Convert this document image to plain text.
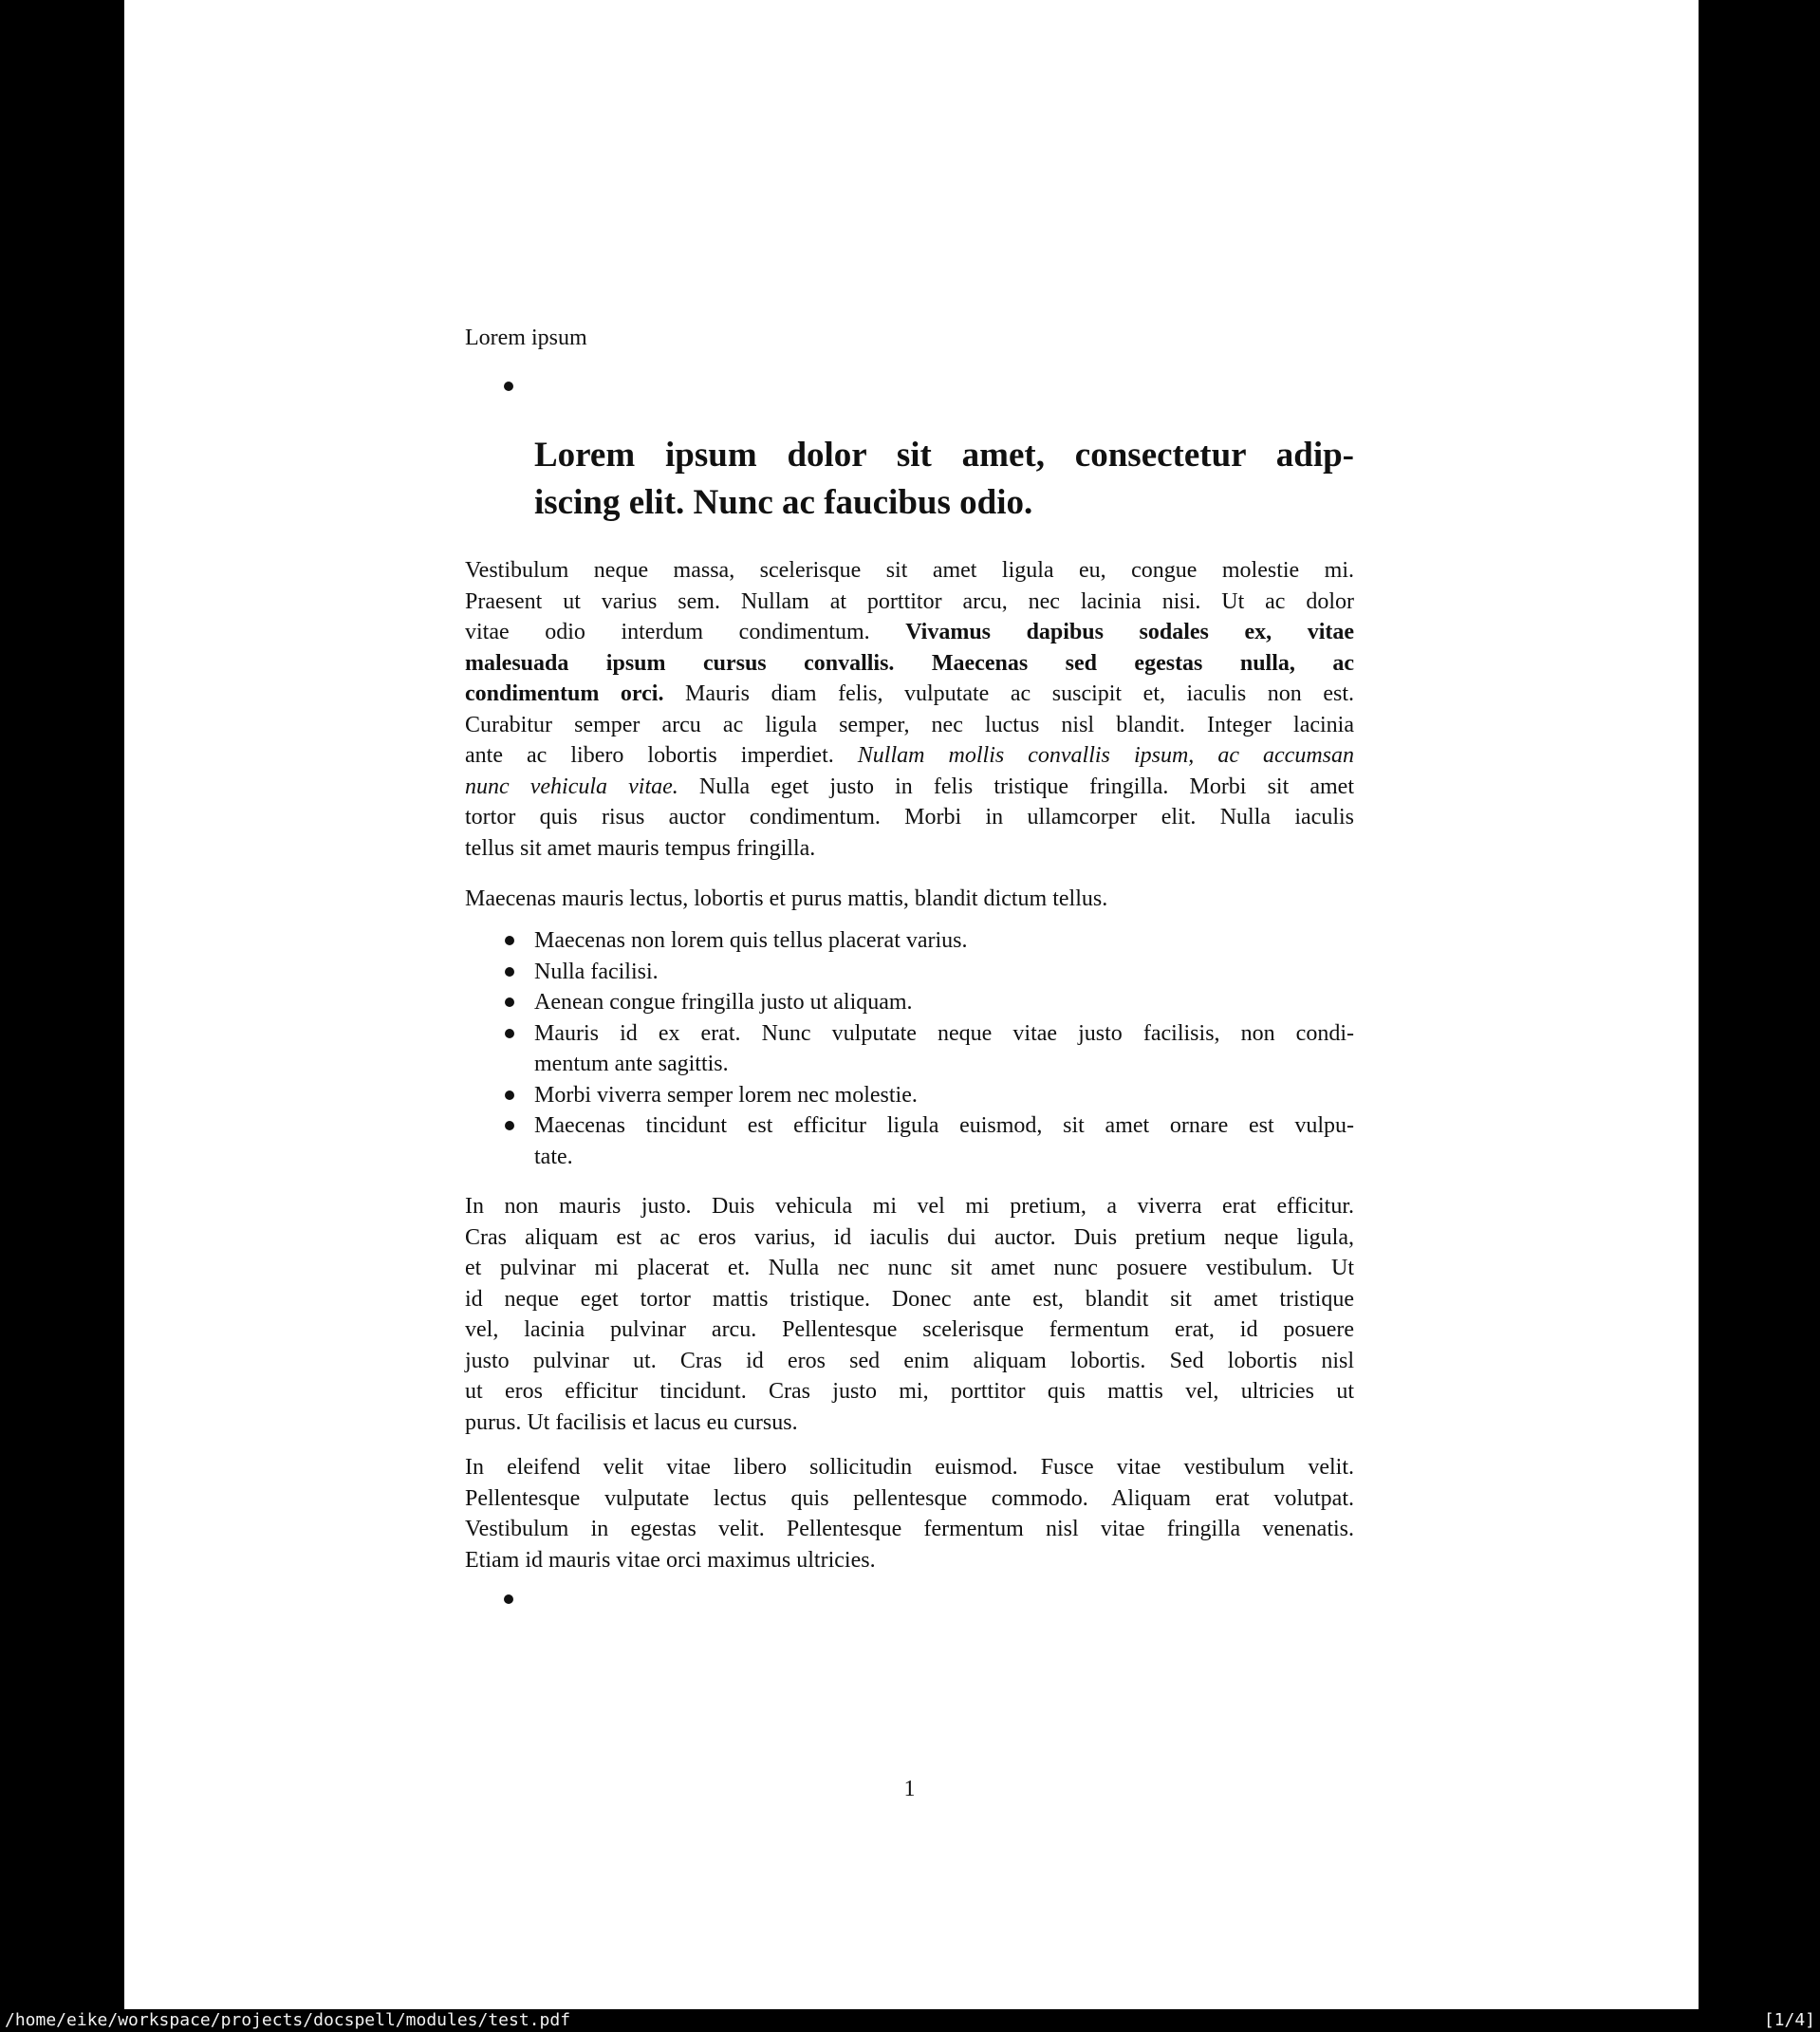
Lorem ipsum
Lorem ipsum dolor sit amet, consectetur adip-
iscing elit. Nunc ac faucibus odio.
Vestibulum neque massa, scelerisque sit amet ligula eu, congue molestie mi.
Praesent ut varius sem. Nullam at porttitor arcu, nec lacinia nisi. Ut ac dolor
vitae odio interdum condimentum. Vivamus dapibus sodales ex, vitae
malesuada ipsum cursus convallis. Maecenas sed egestas nulla, ac
condimentum orci. Mauris diam felis, vulputate ac suscipit et, iaculis non est.
Curabitur semper arcu ac ligula semper, nec luctus nisl blandit. Integer lacinia
ante ac libero lobortis imperdiet. Nullam mollis convallis ipsum, ac accumsan
nunc vehicula vitae. Nulla eget justo in felis tristique fringilla. Morbi sit amet
tortor quis risus auctor condimentum. Morbi in ullamcorper elit. Nulla iaculis
tellus sit amet mauris tempus fringilla.
Maecenas mauris lectus, lobortis et purus mattis, blandit dictum tellus.
Maecenas non lorem quis tellus placerat varius.
Nulla facilisi.
Aenean congue fringilla justo ut aliquam.
Mauris id ex erat. Nunc vulputate neque vitae justo facilisis, non condi-
mentum ante sagittis.
Morbi viverra semper lorem nec molestie.
Maecenas tincidunt est efficitur ligula euismod, sit amet ornare est vulpu-
tate.
In non mauris justo. Duis vehicula mi vel mi pretium, a viverra erat efficitur.
Cras aliquam est ac eros varius, id iaculis dui auctor. Duis pretium neque ligula,
et pulvinar mi placerat et. Nulla nec nunc sit amet nunc posuere vestibulum. Ut
id neque eget tortor mattis tristique. Donec ante est, blandit sit amet tristique
vel, lacinia pulvinar arcu. Pellentesque scelerisque fermentum erat, id posuere
justo pulvinar ut. Cras id eros sed enim aliquam lobortis. Sed lobortis nisl
ut eros efficitur tincidunt. Cras justo mi, porttitor quis mattis vel, ultricies ut
purus. Ut facilisis et lacus eu cursus.
In eleifend velit vitae libero sollicitudin euismod. Fusce vitae vestibulum velit.
Pellentesque vulputate lectus quis pellentesque commodo. Aliquam erat volutpat.
Vestibulum in egestas velit. Pellentesque fermentum nisl vitae fringilla venenatis.
Etiam id mauris vitae orci maximus ultricies.
1
/home/eike/workspace/projects/docspell/modules/test.pdf	[1/4]
